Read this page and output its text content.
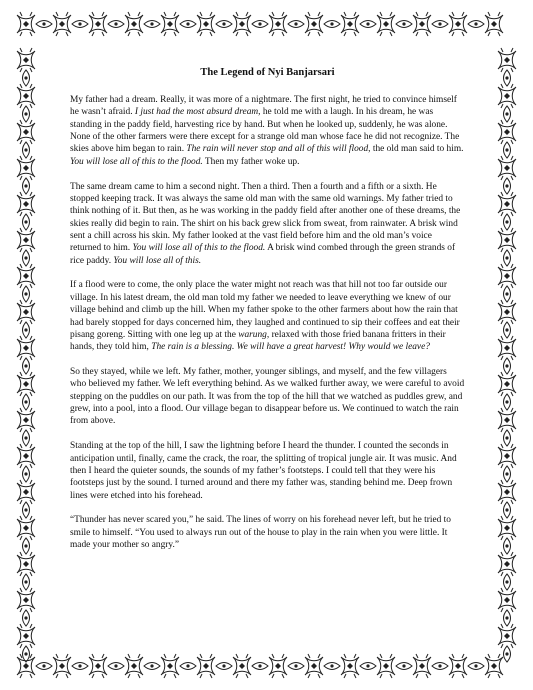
The Legend of Nyi Banjarsari

My father had a dream. Really, it was more of a nightmare. The first night, he tried to convince himself he wasn’t afraid. I just had the most absurd dream, he told me with a laugh. In his dream, he was standing in the paddy field, harvesting rice by hand. But when he looked up, suddenly, he was alone. None of the other farmers were there except for a strange old man whose face he did not recognize. The skies above him began to rain. The rain will never stop and all of this will flood, the old man said to him. You will lose all of this to the flood. Then my father woke up.

The same dream came to him a second night. Then a third. Then a fourth and a fifth or a sixth. He stopped keeping track. It was always the same old man with the same old warnings. My father tried to think nothing of it. But then, as he was working in the paddy field after another one of these dreams, the skies really did begin to rain. The shirt on his back grew slick from sweat, from rainwater. A brisk wind sent a chill across his skin. My father looked at the vast field before him and the old man’s voice returned to him. You will lose all of this to the flood. A brisk wind combed through the green strands of rice paddy. You will lose all of this.

If a flood were to come, the only place the water might not reach was that hill not too far outside our village. In his latest dream, the old man told my father we needed to leave everything we knew of our village behind and climb up the hill. When my father spoke to the other farmers about how the rain that had barely stopped for days concerned him, they laughed and continued to sip their coffees and eat their pisang goreng. Sitting with one leg up at the warung, relaxed with those fried banana fritters in their hands, they told him, The rain is a blessing. We will have a great harvest! Why would we leave?

So they stayed, while we left. My father, mother, younger siblings, and myself, and the few villagers who believed my father. We left everything behind. As we walked further away, we were careful to avoid stepping on the puddles on our path. It was from the top of the hill that we watched as puddles grew, and grew, into a pool, into a flood. Our village began to disappear before us. We continued to watch the rain from above.

Standing at the top of the hill, I saw the lightning before I heard the thunder. I counted the seconds in anticipation until, finally, came the crack, the roar, the splitting of tropical jungle air. It was music. And then I heard the quieter sounds, the sounds of my father’s footsteps. I could tell that they were his footsteps just by the sound. I turned around and there my father was, standing behind me. Deep frown lines were etched into his forehead.

“Thunder has never scared you,” he said. The lines of worry on his forehead never left, but he tried to smile to himself. “You used to always run out of the house to play in the rain when you were little. It made your mother so angry.”
